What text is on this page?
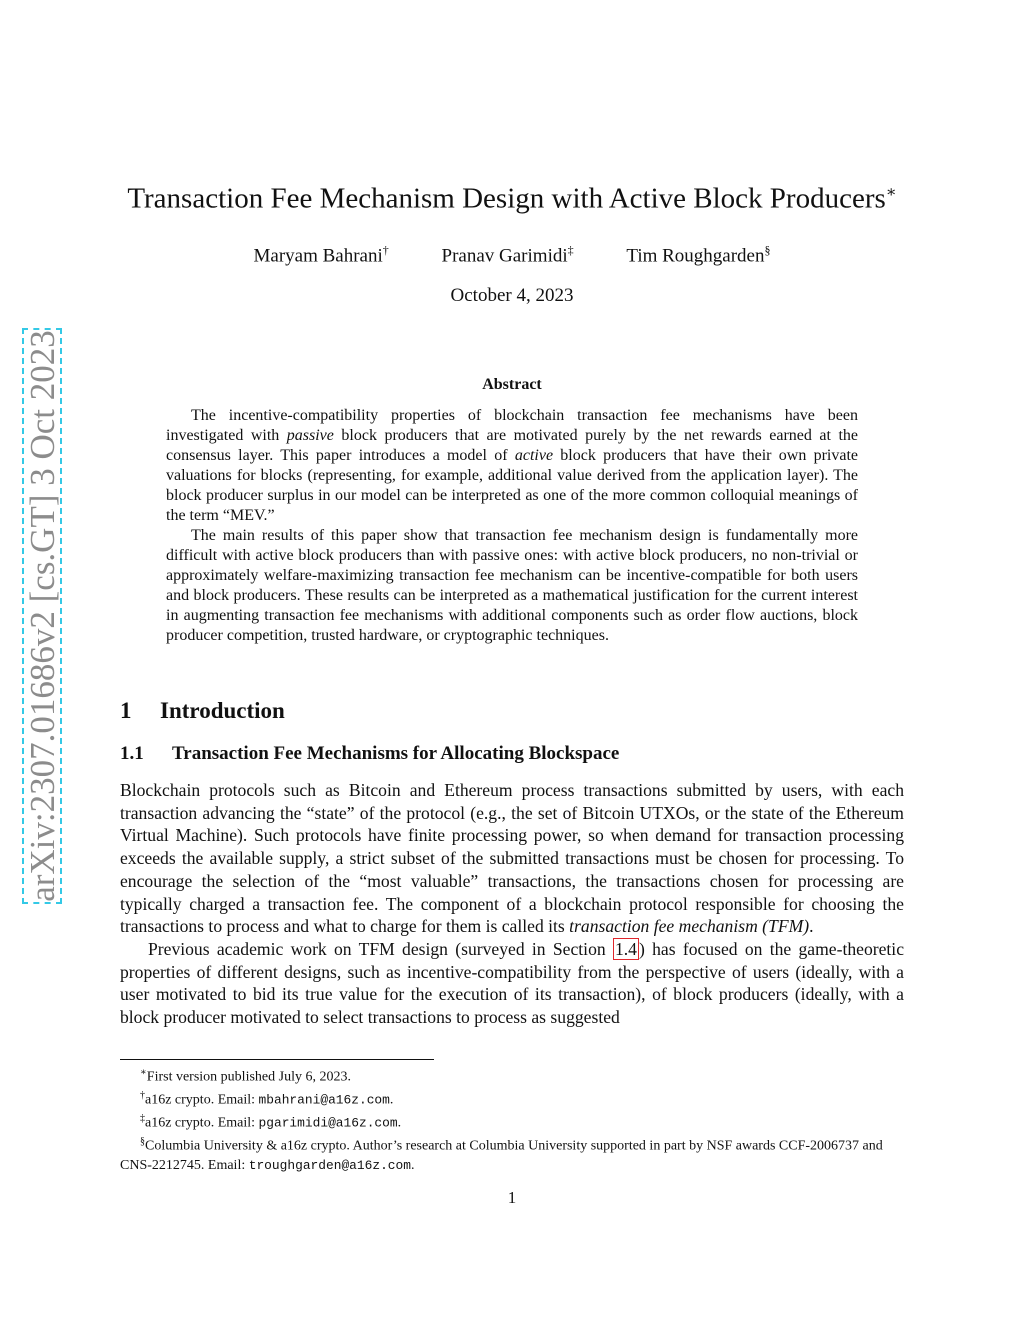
arXiv:2307.01686v2 [cs.GT] 3 Oct 2023
Transaction Fee Mechanism Design with Active Block Producers∗
Maryam Bahrani†	Pranav Garimidi‡	Tim Roughgarden§
October 4, 2023
Abstract

The incentive-compatibility properties of blockchain transaction fee mechanisms have been investigated with passive block producers that are motivated purely by the net rewards earned at the consensus layer. This paper introduces a model of active block producers that have their own private valuations for blocks (representing, for example, additional value derived from the application layer). The block producer surplus in our model can be interpreted as one of the more common colloquial meanings of the term “MEV.”

The main results of this paper show that transaction fee mechanism design is fundamentally more difficult with active block producers than with passive ones: with active block producers, no non-trivial or approximately welfare-maximizing transaction fee mechanism can be incentive-compatible for both users and block producers. These results can be interpreted as a mathematical justification for the current interest in augmenting transaction fee mechanisms with additional components such as order flow auctions, block producer competition, trusted hardware, or cryptographic techniques.

1 Introduction
1.1 Transaction Fee Mechanisms for Allocating Blockspace

Blockchain protocols such as Bitcoin and Ethereum process transactions submitted by users, with each transaction advancing the “state” of the protocol (e.g., the set of Bitcoin UTXOs, or the state of the Ethereum Virtual Machine). Such protocols have finite processing power, so when demand for transaction processing exceeds the available supply, a strict subset of the submitted transactions must be chosen for processing. To encourage the selection of the “most valuable” transactions, the transactions chosen for processing are typically charged a transaction fee. The component of a blockchain protocol responsible for choosing the transactions to process and what to charge for them is called its transaction fee mechanism (TFM).

Previous academic work on TFM design (surveyed in Section 1.4 ) has focused on the game-theoretic properties of different designs, such as incentive-compatibility from the perspective of users (ideally, with a user motivated to bid its true value for the execution of its transaction), of block producers (ideally, with a block producer motivated to select transactions to process as suggested

∗First version published July 6, 2023.

†a16z crypto. Email: mbahrani@a16z.com.

‡a16z crypto. Email: pgarimidi@a16z.com.

§Columbia University & a16z crypto. Author’s research at Columbia University supported in part by NSF awards CCF-2006737 and CNS-2212745. Email: troughgarden@a16z.com.

1
